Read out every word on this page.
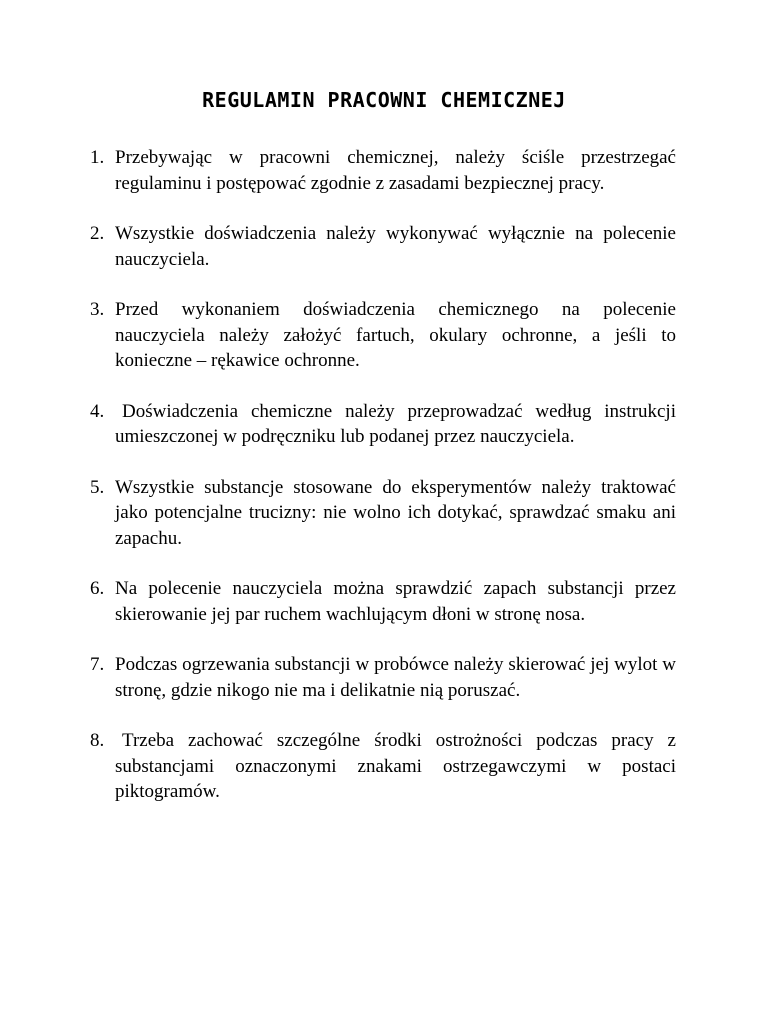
REGULAMIN PRACOWNI CHEMICZNEJ
1. Przebywając w pracowni chemicznej, należy ściśle przestrzegać regulaminu i postępować zgodnie z zasadami bezpiecznej pracy.
2. Wszystkie doświadczenia należy wykonywać wyłącznie na polecenie nauczyciela.
3. Przed wykonaniem doświadczenia chemicznego na polecenie nauczyciela należy założyć fartuch, okulary ochronne, a jeśli to konieczne – rękawice ochronne.
4. Doświadczenia chemiczne należy przeprowadzać według instrukcji umieszczonej w podręczniku lub podanej przez nauczyciela.
5. Wszystkie substancje stosowane do eksperymentów należy traktować jako potencjalne trucizny: nie wolno ich dotykać, sprawdzać smaku ani zapachu.
6. Na polecenie nauczyciela można sprawdzić zapach substancji przez skierowanie jej par ruchem wachlującym dłoni w stronę nosa.
7. Podczas ogrzewania substancji w probówce należy skierować jej wylot w stronę, gdzie nikogo nie ma i delikatnie nią poruszać.
8. Trzeba zachować szczególne środki ostrożności podczas pracy z substancjami oznaczonymi znakami ostrzegawczymi w postaci piktogramów.
